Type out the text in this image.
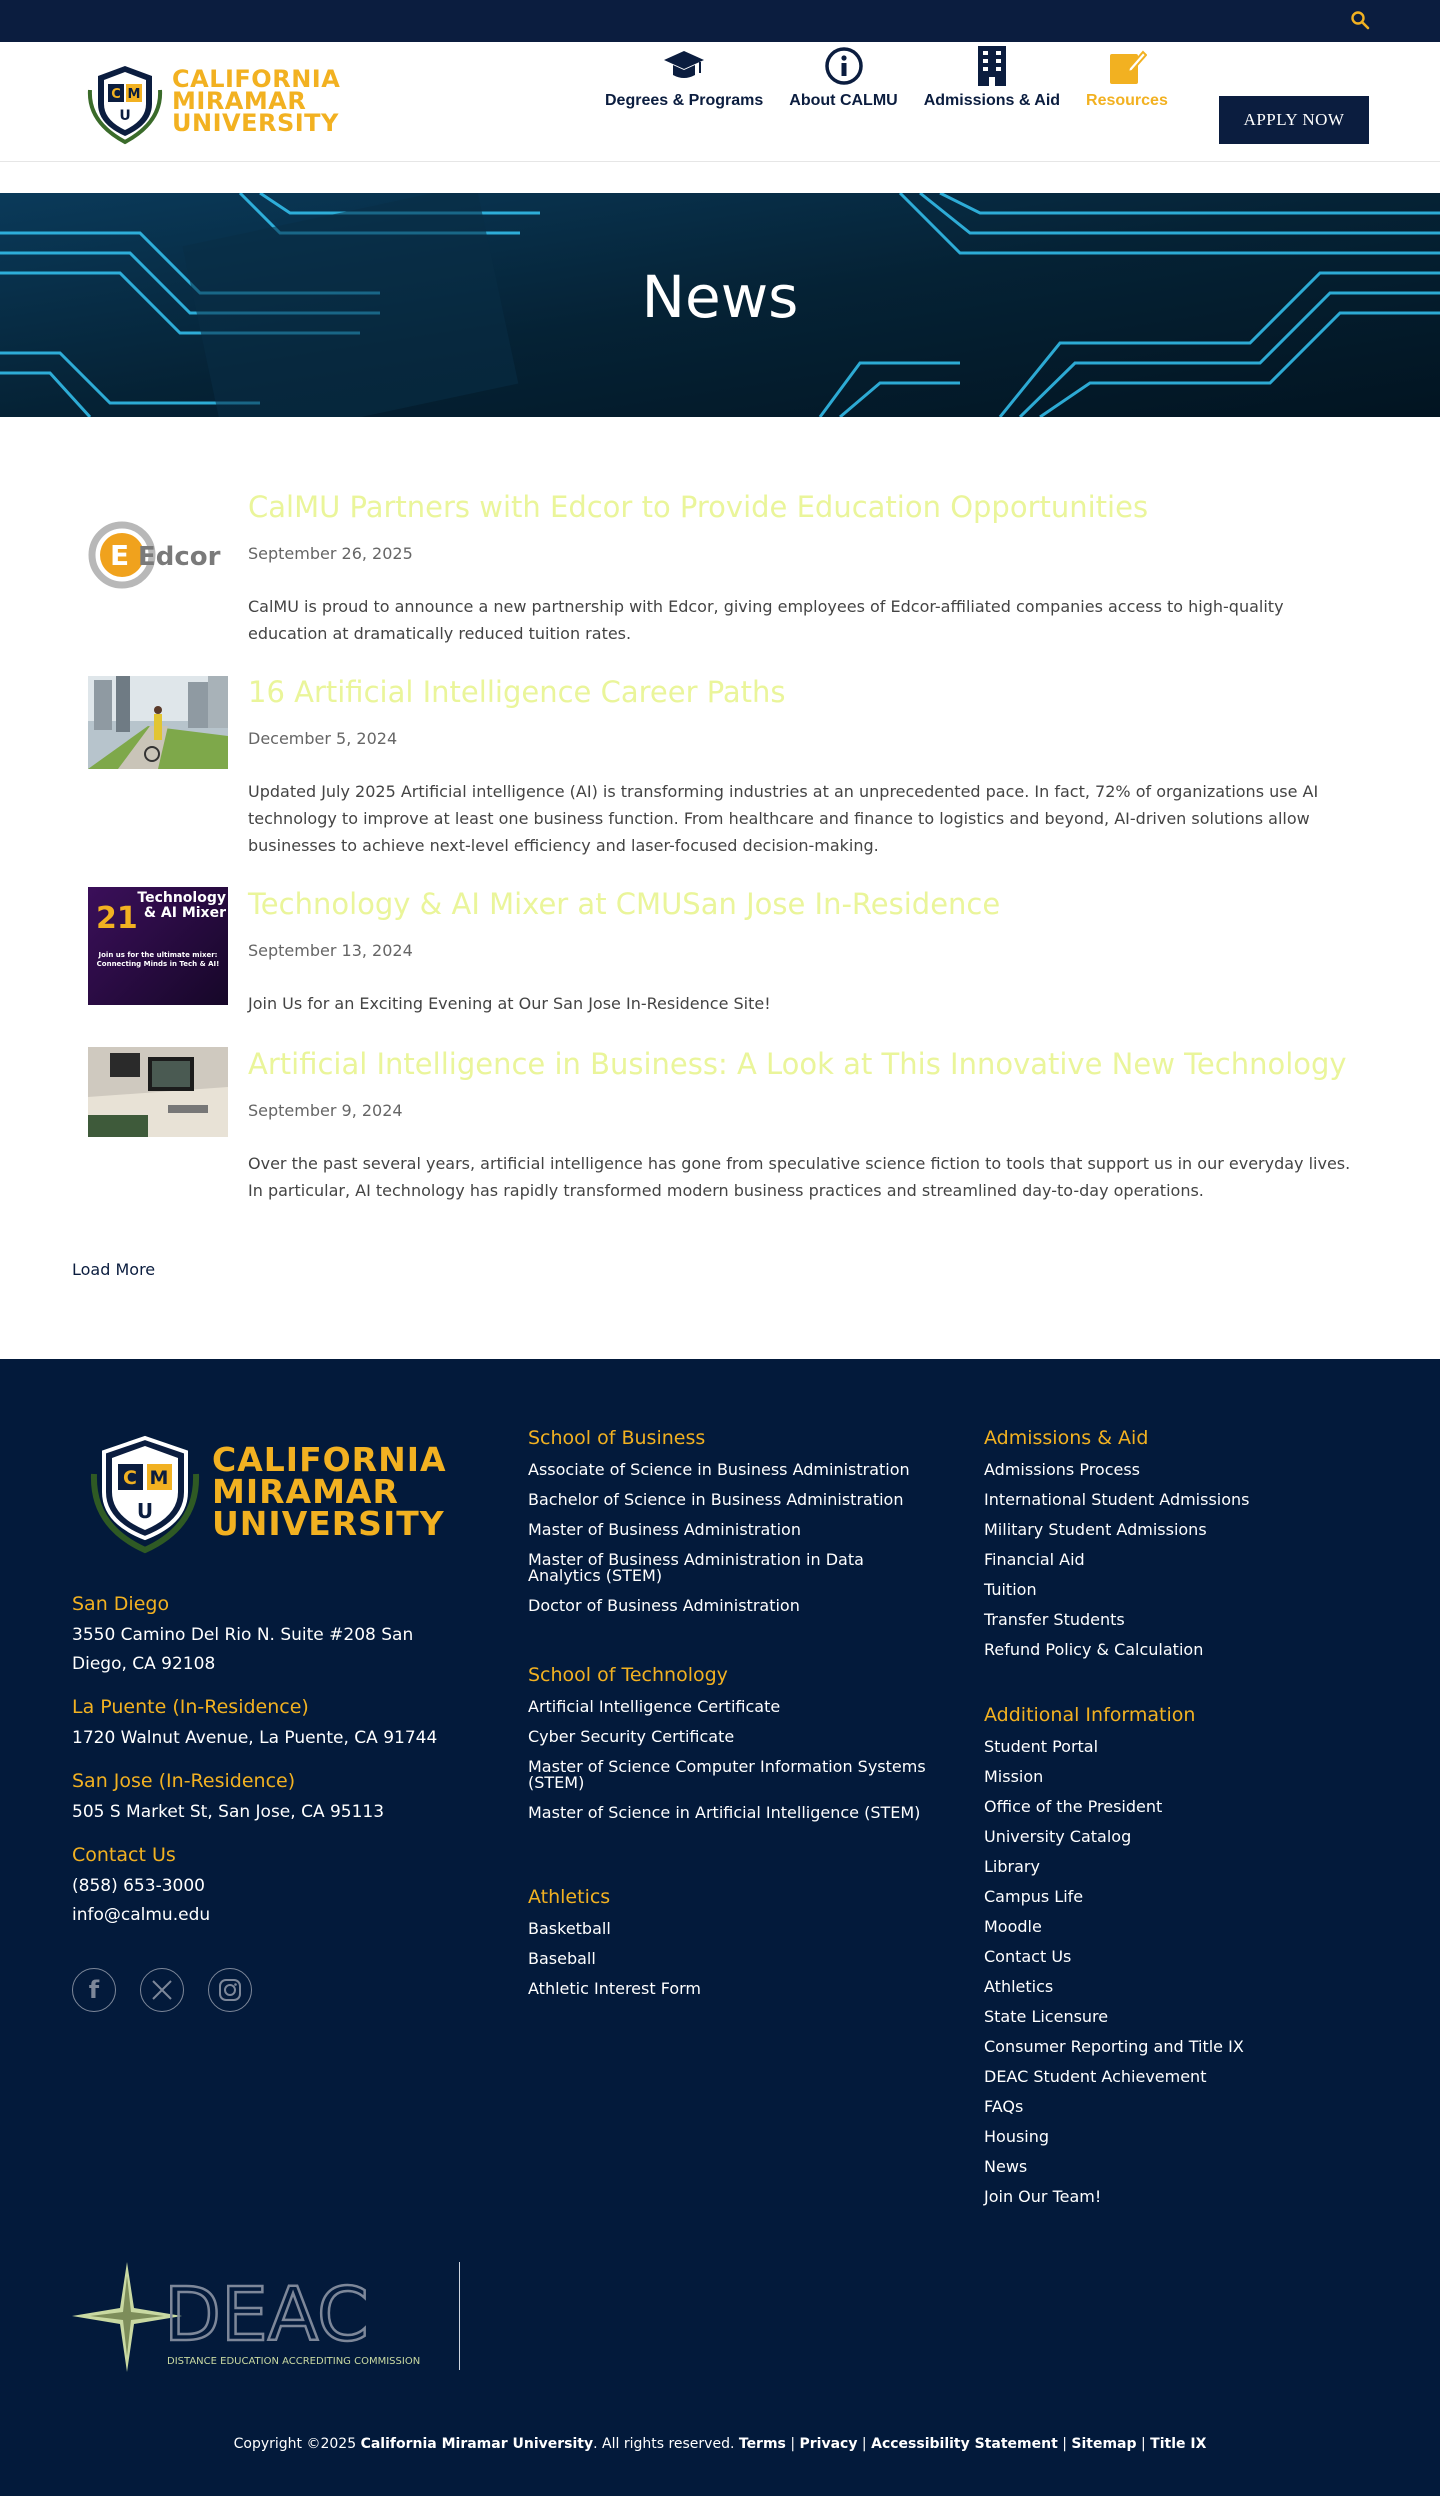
C M
U
CALIFORNIA
MIRAMAR
UNIVERSITY
Degrees & Programs About CALMU Admissions & Aid Resources
APPLY NOW
News
E Edcor
CalMU Partners with Edcor to Provide Education Opportunities
September 26, 2025
CalMU is proud to announce a new partnership with Edcor, giving employees of Edcor-affiliated companies access to high-quality education at dramatically reduced tuition rates.
16 Artificial Intelligence Career Paths
December 5, 2024
Updated July 2025 Artificial intelligence (AI) is transforming industries at an unprecedented pace. In fact, 72% of organizations use AI technology to improve at least one business function. From healthcare and finance to logistics and beyond, AI-driven solutions allow businesses to achieve next-level efficiency and laser-focused decision-making.
21
Technology & AI Mixer
Join us for the ultimate mixer: Connecting Minds in Tech & AI!
Technology & AI Mixer at CMUSan Jose In-Residence
September 13, 2024
Join Us for an Exciting Evening at Our San Jose In-Residence Site!
Artificial Intelligence in Business: A Look at This Innovative New Technology
September 9, 2024
Over the past several years, artificial intelligence has gone from speculative science fiction to tools that support us in our everyday lives. In particular, AI technology has rapidly transformed modern business practices and streamlined day-to-day operations.
Load More
C M
U
CALIFORNIA
MIRAMAR
UNIVERSITY
San Diego
3550 Camino Del Rio N. Suite #208 San Diego, CA 92108
La Puente (In-Residence)
1720 Walnut Avenue, La Puente, CA 91744
San Jose (In-Residence)
505 S Market St, San Jose, CA 95113
Contact Us
(858) 653-3000
info@calmu.edu
f
School of Business
Associate of Science in Business Administration
Bachelor of Science in Business Administration
Master of Business Administration
Master of Business Administration in Data Analytics (STEM)
Doctor of Business Administration
School of Technology
Artificial Intelligence Certificate
Cyber Security Certificate
Master of Science Computer Information Systems (STEM)
Master of Science in Artificial Intelligence (STEM)
Athletics
Basketball
Baseball
Athletic Interest Form
Admissions & Aid
Admissions Process
International Student Admissions
Military Student Admissions
Financial Aid
Tuition
Transfer Students
Refund Policy & Calculation
Additional Information
Student Portal
Mission
Office of the President
University Catalog
Library
Campus Life
Moodle
Contact Us
Athletics
State Licensure
Consumer Reporting and Title IX
DEAC Student Achievement
FAQs
Housing
News
Join Our Team!
DEAC
DISTANCE EDUCATION ACCREDITING COMMISSION
Copyright ©2025 California Miramar University. All rights reserved. Terms | Privacy | Accessibility Statement | Sitemap | Title IX
